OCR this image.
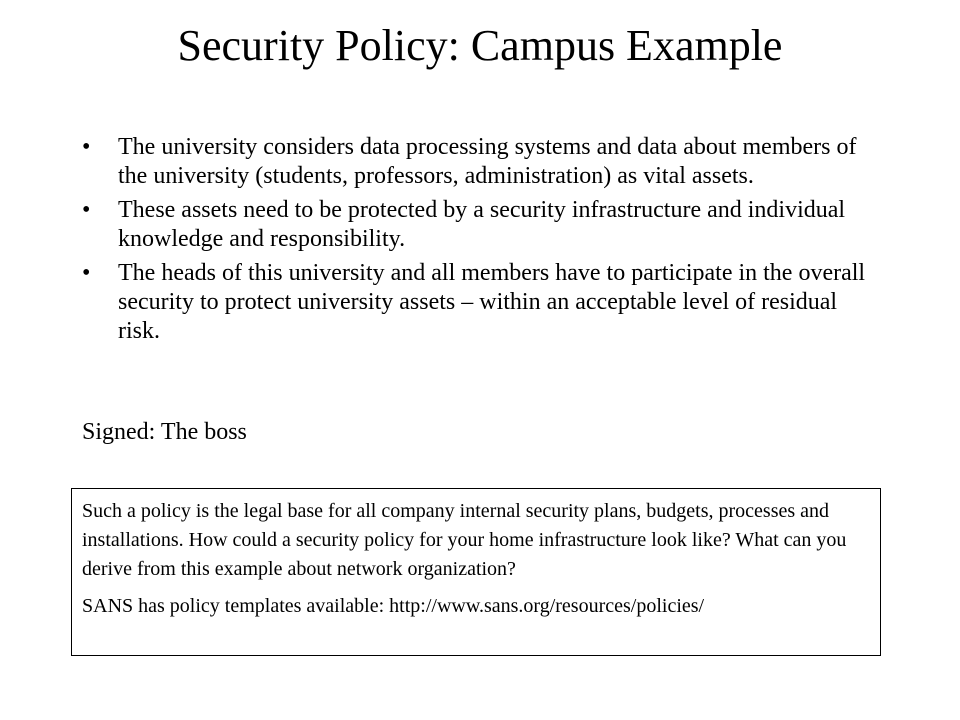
Security Policy: Campus Example
• The university considers data processing systems and data about members of the university (students, professors, administration) as vital assets.
• These assets need to be protected by a security infrastructure and individual knowledge and responsibility.
• The heads of this university and all members have to participate in the overall security to protect university assets – within an acceptable level of residual risk.
Signed: The boss

Such a policy is the legal base for all company internal security plans, budgets, processes and installations. How could a security policy for your home infrastructure look like? What can you derive from this example about network organization?

SANS has policy templates available: http://www.sans.org/resources/policies/
